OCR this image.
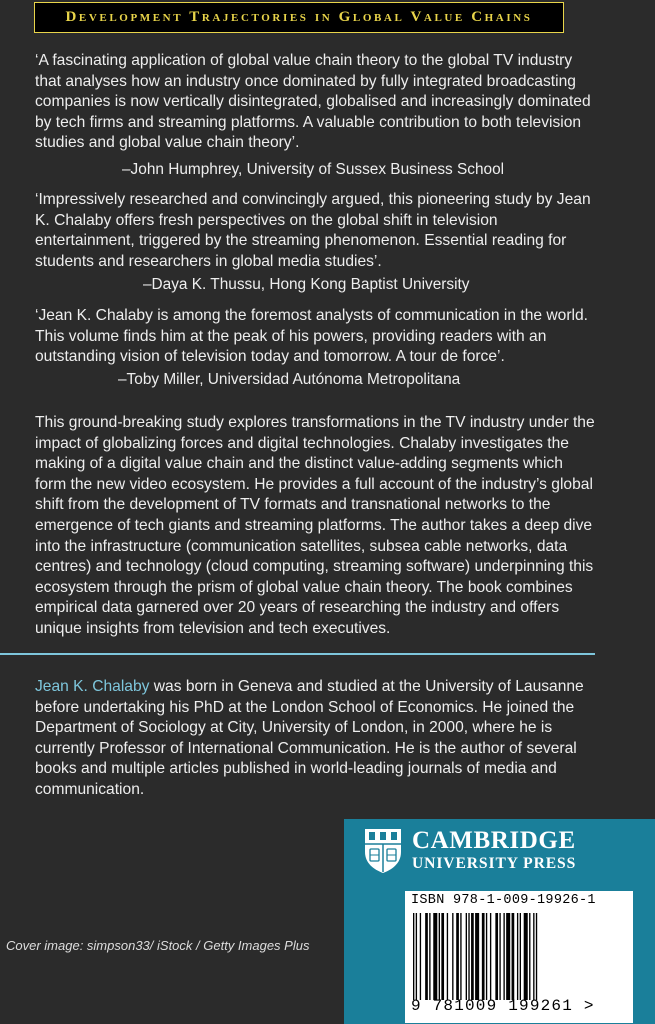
Development Trajectories in Global Value Chains

‘A fascinating application of global value chain theory to the global TV industry that analyses how an industry once dominated by fully integrated broadcasting companies is now vertically disintegrated, globalised and increasingly dominated by tech firms and streaming platforms. A valuable contribution to both television studies and global value chain theory’.

–John Humphrey, University of Sussex Business School

‘Impressively researched and convincingly argued, this pioneering study by Jean K. Chalaby offers fresh perspectives on the global shift in television entertainment, triggered by the streaming phenomenon. Essential reading for students and researchers in global media studies’.

–Daya K. Thussu, Hong Kong Baptist University

‘Jean K. Chalaby is among the foremost analysts of communication in the world. This volume finds him at the peak of his powers, providing readers with an outstanding vision of television today and tomorrow. A tour de force’.

–Toby Miller, Universidad Autónoma Metropolitana
This ground-breaking study explores transformations in the TV industry under the impact of globalizing forces and digital technologies. Chalaby investigates the making of a digital value chain and the distinct value-adding segments which form the new video ecosystem. He provides a full account of the industry’s global shift from the development of TV formats and transnational networks to the emergence of tech giants and streaming platforms. The author takes a deep dive into the infrastructure (communication satellites, subsea cable networks, data centres) and technology (cloud computing, streaming software) underpinning this ecosystem through the prism of global value chain theory. The book combines empirical data garnered over 20 years of researching the industry and offers unique insights from television and tech executives.
Jean K. Chalaby was born in Geneva and studied at the University of Lausanne before undertaking his PhD at the London School of Economics. He joined the Department of Sociology at City, University of London, in 2000, where he is currently Professor of International Communication. He is the author of several books and multiple articles published in world-leading journals of media and communication.
Cover image: simpson33/ iStock / Getty Images Plus
CAMBRIDGE
UNIVERSITY PRESS
ISBN 978-1-009-19926-1
9 781009 199261 >
